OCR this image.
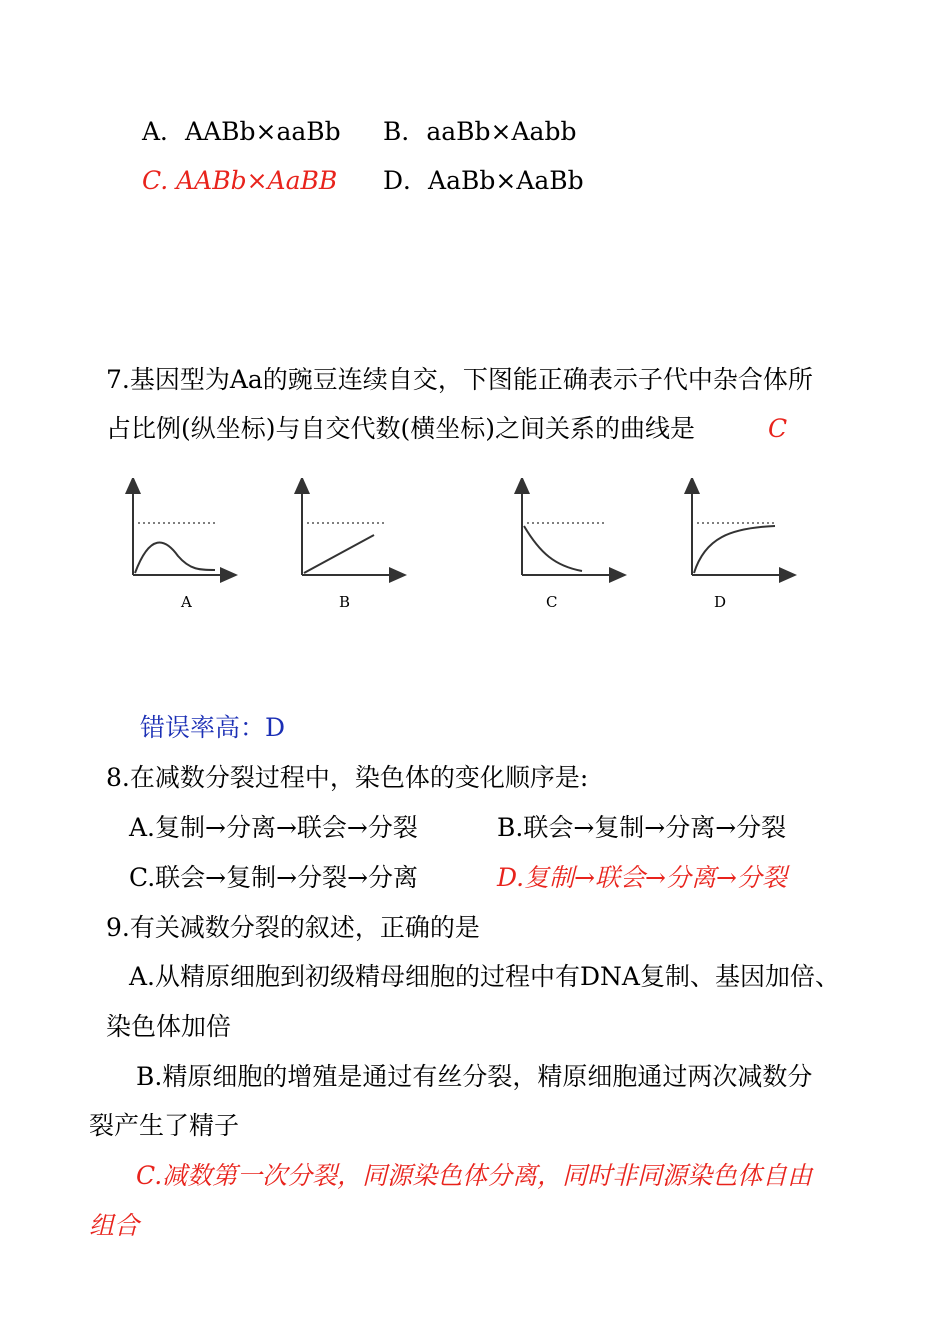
A．AABb×aaBb B．aaBb×Aabb
C. AABb×AaBB D．AaBb×AaBb
7.基因型为Aa的豌豆连续自交，下图能正确表示子代中杂合体所
占比例(纵坐标)与自交代数(横坐标)之间关系的曲线是	C
A	B	C	D
错误率高：D
8.在减数分裂过程中，染色体的变化顺序是:
A.复制→分离→联会→分裂	B.联会→复制→分离→分裂
C.联会→复制→分裂→分离	D.复制→联会→分离→分裂
9.有关减数分裂的叙述，正确的是
A.从精原细胞到初级精母细胞的过程中有DNA复制、基因加倍、
染色体加倍
B.精原细胞的增殖是通过有丝分裂，精原细胞通过两次减数分
裂产生了精子
C.减数第一次分裂，同源染色体分离，同时非同源染色体自由
组合
